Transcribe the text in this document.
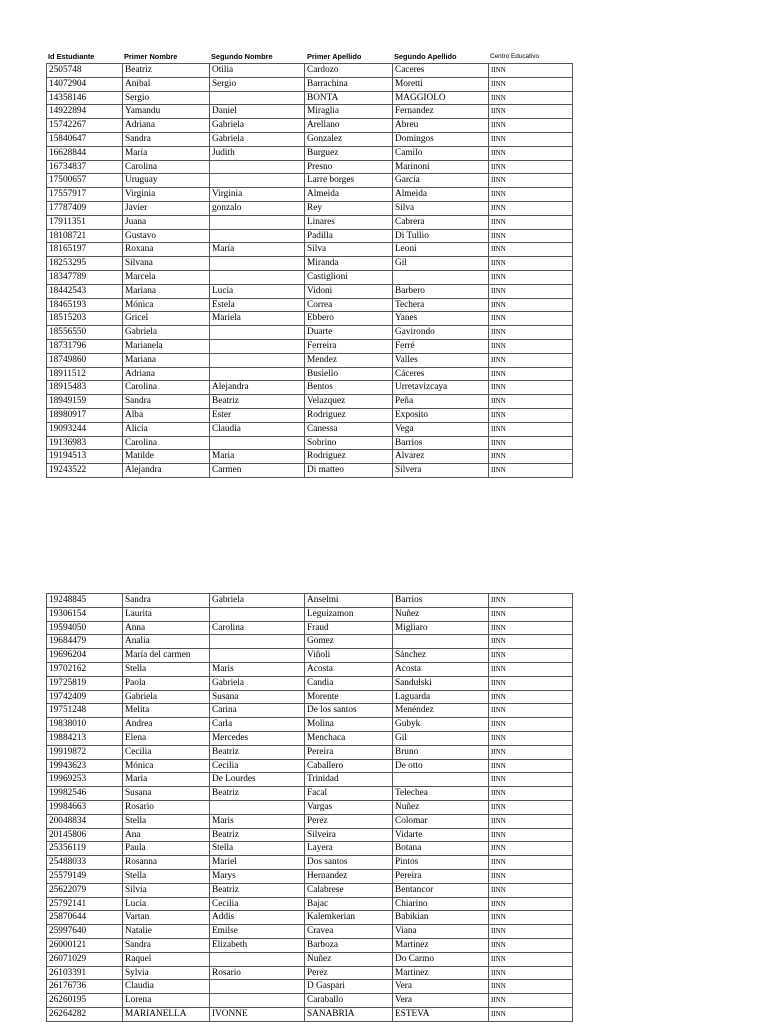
Id Estudiante	Primer Nombre	Segundo Nombre	Primer Apellido	Segundo Apellido	Centro Educativo
2505748	Beatriz	Otilia	Cardozo	Caceres	IINN
14072904	Anibal	Sergio	Barrachina	Moretti	IINN
14358146	Sergio		BONTA	MAGGIOLO	IINN
14922894	Yamandu	Daniel	Miraglia	Fernandez	IINN
15742267	Adriana	Gabriela	Arellano	Abreu	IINN
15840647	Sandra	Gabriela	Gonzalez	Domingos	IINN
16628844	María	Judith	Burguez	Camilo	IINN
16734837	Carolina		Presno	Marinoni	IINN
17500657	Uruguay		Larre borges	García	IINN
17557917	Virginia	Virginia	Almeida	Almeida	IINN
17787409	Javier	gonzalo	Rey	Silva	IINN
17911351	Juana		Linares	Cabrera	IINN
18108721	Gustavo		Padilla	Di Tullio	IINN
18165197	Roxana	María	Silva	Leoni	IINN
18253295	Silvana		Miranda	Gil	IINN
18347789	Marcela		Castiglioni		IINN
18442543	Mariana	Lucia	Vidoni	Barbero	IINN
18465193	Mónica	Estela	Correa	Techera	IINN
18515203	Gricel	Mariela	Ebbero	Yanes	IINN
18556550	Gabriela		Duarte	Gavirondo	IINN
18731796	Marianela		Ferreira	Ferré	IINN
18749860	Mariana		Mendez	Valles	IINN
18911512	Adriana		Busiello	Cáceres	IINN
18915483	Carolina	Alejandra	Bentos	Urretavizcaya	IINN
18949159	Sandra	Beatriz	Velazquez	Peña	IINN
18980917	Alba	Ester	Rodriguez	Exposito	IINN
19093244	Alicia	Claudia	Canessa	Vega	IINN
19136983	Carolina		Sobrino	Barrios	IINN
19194513	Matilde	Maria	Rodriguez	Alvarez	IINN
19243522	Alejandra	Carmen	Di matteo	Silvera	IINN
19248845	Sandra	Gabriela	Anselmi	Barrios	IINN
19306154	Laurita		Leguizamon	Nuñez	IINN
19594050	Anna	Carolina	Fraud	Migliaro	IINN
19684479	Analia		Gomez		IINN
19696204	María del carmen		Viñoli	Sánchez	IINN
19702162	Stella	Maris	Acosta	Acosta	IINN
19725819	Paola	Gabriela	Candia	Sandulski	IINN
19742409	Gabriela	Susana	Morente	Laguarda	IINN
19751248	Melita	Carina	De los santos	Menéndez	IINN
19838010	Andrea	Carla	Molina	Gubyk	IINN
19884213	Elena	Mercedes	Menchaca	Gil	IINN
19919872	Cecilia	Beatriz	Pereira	Bruno	IINN
19943623	Mónica	Cecilia	Caballero	De otto	IINN
19969253	Maria	De Lourdes	Trinidad		IINN
19982546	Susana	Beatriz	Facal	Telechea	IINN
19984663	Rosario		Vargas	Nuñez	IINN
20048834	Stella	Maris	Perez	Colomar	IINN
20145806	Ana	Beatriz	Silveira	Vidarte	IINN
25356119	Paula	Stella	Layera	Botana	IINN
25488033	Rosanna	Mariel	Dos santos	Pintos	IINN
25579149	Stella	Marys	Hernandez	Pereira	IINN
25622079	Silvia	Beatriz	Calabrese	Bentancor	IINN
25792141	Lucia	Cecilia	Bajac	Chiarino	IINN
25870644	Vartan	Addis	Kalemkerian	Babikian	IINN
25997640	Natalie	Emilse	Cravea	Viana	IINN
26000121	Sandra	Elizabeth	Barboza	Martinez	IINN
26071029	Raquel		Nuñez	Do Carmo	IINN
26103391	Sylvia	Rosario	Perez	Martinez	IINN
26176736	Claudia		D Gaspari	Vera	IINN
26260195	Lorena		Caraballo	Vera	IINN
26264282	MARIANELLA	IVONNE	SANABRIA	ESTEVA	IINN
